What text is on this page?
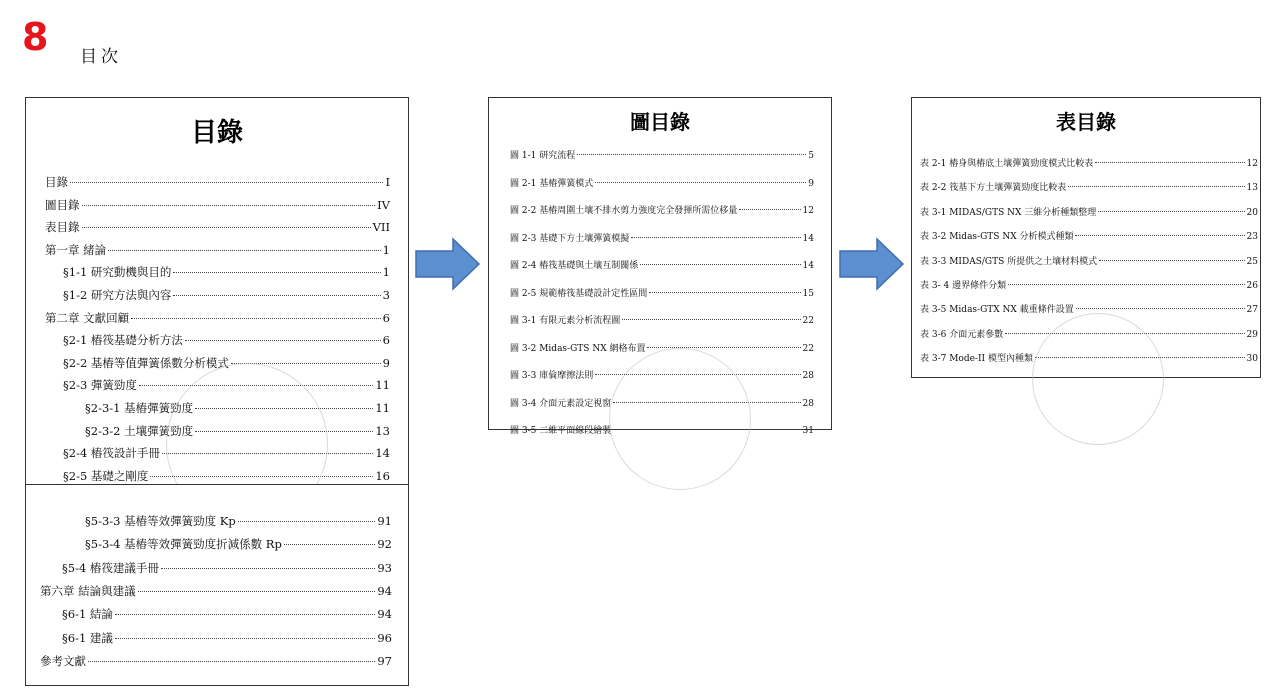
8 目次
目錄
目錄	I
圖目錄	IV
表目錄	VII
第一章 緒論	1
§1-1 研究動機與目的	1
§1-2 研究方法與內容	3
第二章 文獻回顧	6
§2-1 樁筏基礎分析方法	6
§2-2 基樁等值彈簧係數分析模式	9
§2-3 彈簧勁度	11
§2-3-1 基樁彈簧勁度	11
§2-3-2 土壤彈簧勁度	13
§2-4 樁筏設計手冊	14
§2-5 基礎之剛度	16
§5-3-3 基樁等效彈簧勁度 Kp	91
§5-3-4 基樁等效彈簧勁度折減係數 Rp	92
§5-4 樁筏建議手冊	93
第六章 結論與建議	94
§6-1 結論	94
§6-1 建議	96
參考文獻	97
圖目錄
圖 1-1 研究流程	5
圖 2-1 基樁彈簧模式	9
圖 2-2 基樁周圍土壤不排水剪力強度完全發揮所需位移量	12
圖 2-3 基礎下方土壤彈簧模擬	14
圖 2-4 樁筏基礎與土壤互制關係	14
圖 2-5 規範樁筏基礎設計定性區間	15
圖 3-1 有限元素分析流程圖	22
圖 3-2 Midas-GTS NX 網格布置	22
圖 3-3 庫倫摩擦法則	28
圖 3-4 介面元素設定視窗	28
圖 3-5 二維平面線段繪製	31
表目錄
表 2-1 樁身與樁底土壤彈簧勁度模式比較表	12
表 2-2 筏基下方土壤彈簧勁度比較表	13
表 3-1 MIDAS/GTS NX 三維分析種類整理	20
表 3-2 Midas-GTS NX 分析模式種類	23
表 3-3 MIDAS/GTS 所提供之土壤材料模式	25
表 3- 4 邊界條件分類	26
表 3-5 Midas-GTX NX 載重條件設置	27
表 3-6 介面元素參數	29
表 3-7 Mode-II 模型內種類	30
